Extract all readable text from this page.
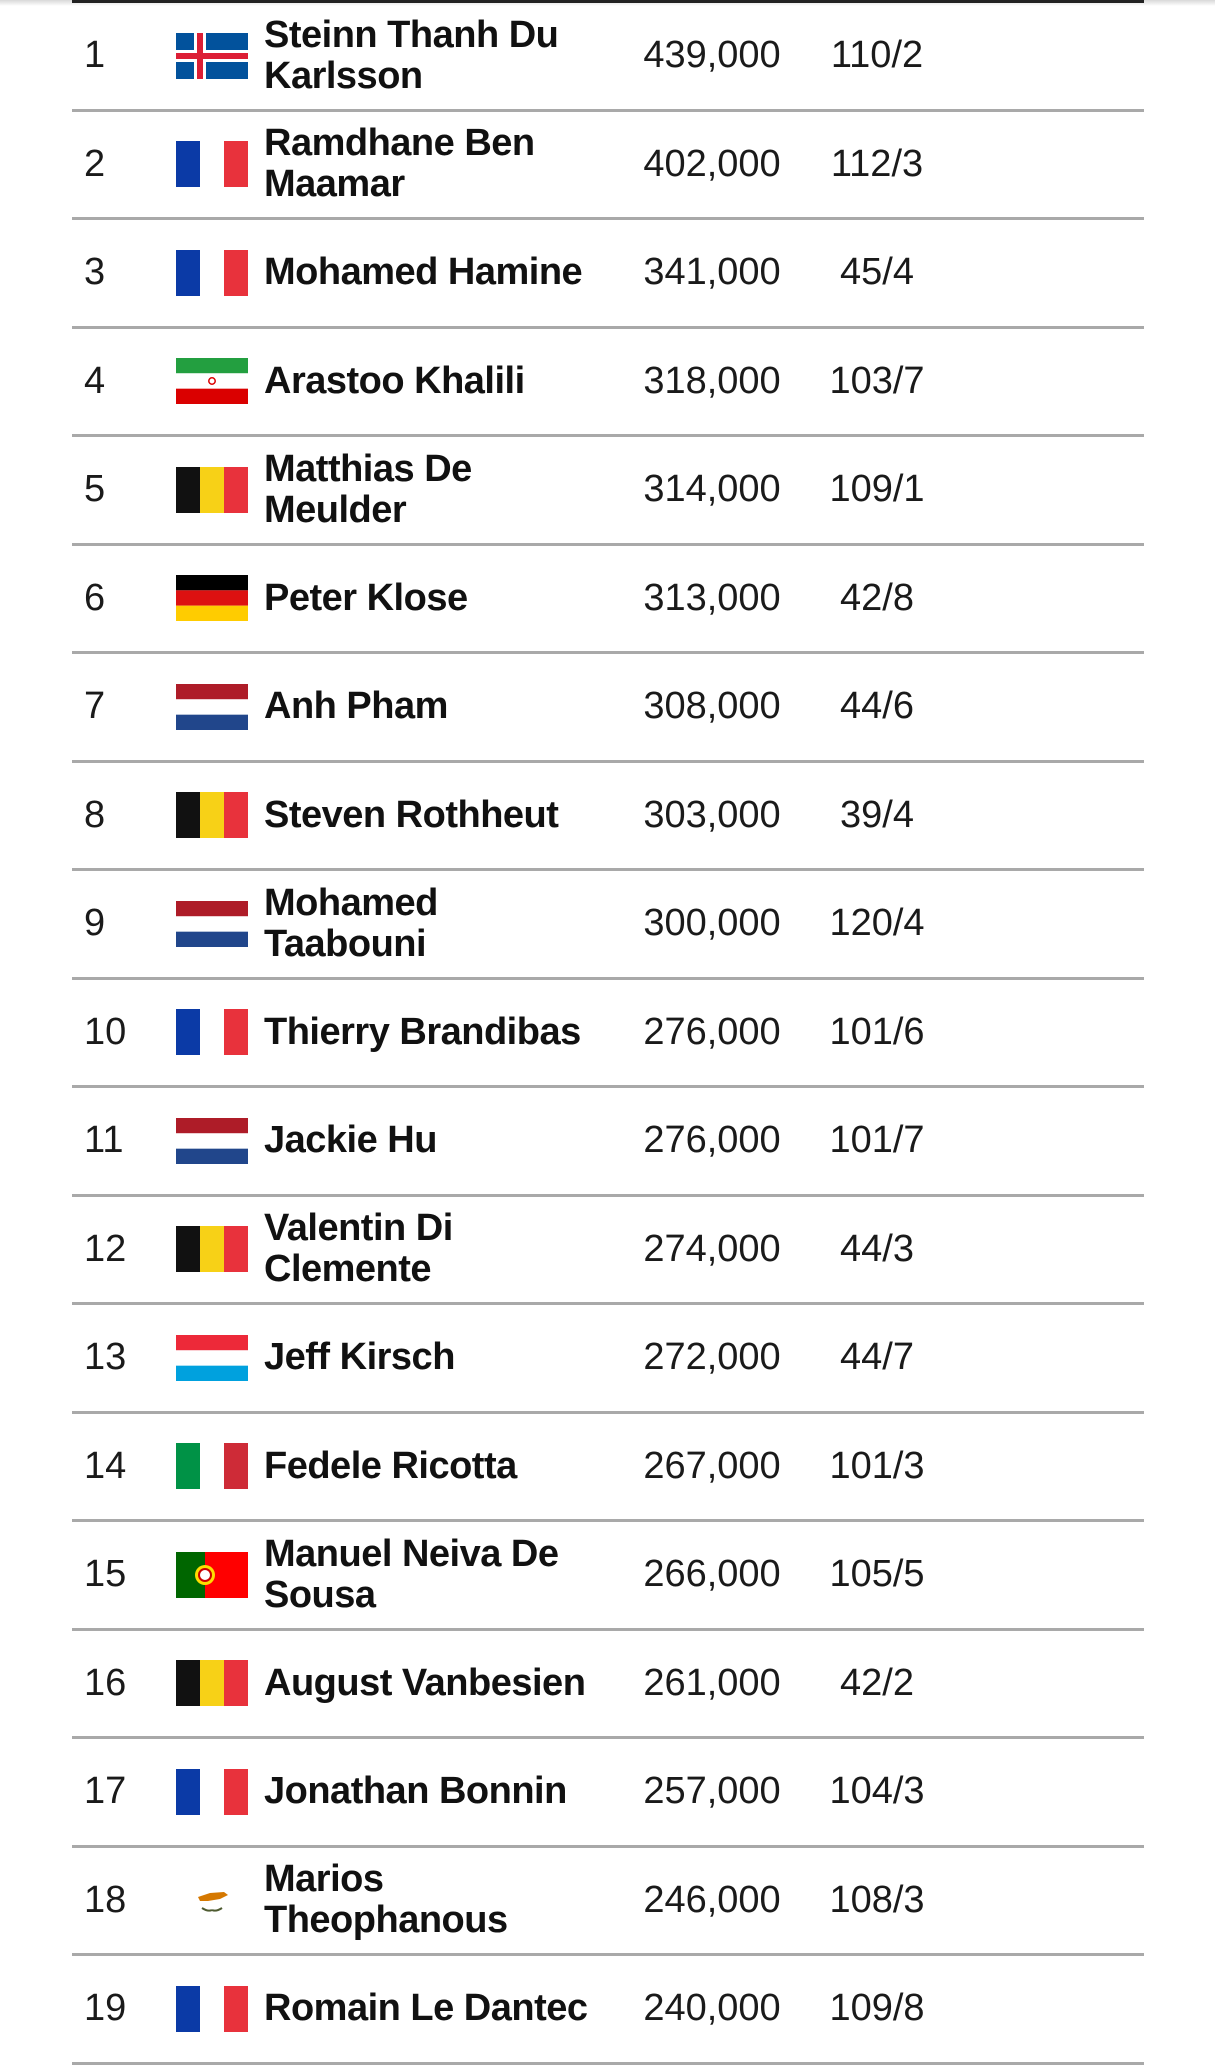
1	Steinn Thanh Du Karlsson	439,000	110/2
2	Ramdhane Ben Maamar	402,000	112/3
3	Mohamed Hamine	341,000	45/4
4	Arastoo Khalili	318,000	103/7
5	Matthias De Meulder	314,000	109/1
6	Peter Klose	313,000	42/8
7	Anh Pham	308,000	44/6
8	Steven Rothheut	303,000	39/4
9	Mohamed Taabouni	300,000	120/4
10	Thierry Brandibas	276,000	101/6
11	Jackie Hu	276,000	101/7
12	Valentin Di Clemente	274,000	44/3
13	Jeff Kirsch	272,000	44/7
14	Fedele Ricotta	267,000	101/3
15	Manuel Neiva De Sousa	266,000	105/5
16	August Vanbesien 261,000	42/2
17	Jonathan Bonnin	257,000	104/3
18	Marios Theophanous	246,000	108/3
19	Romain Le Dantec 240,000	109/8
